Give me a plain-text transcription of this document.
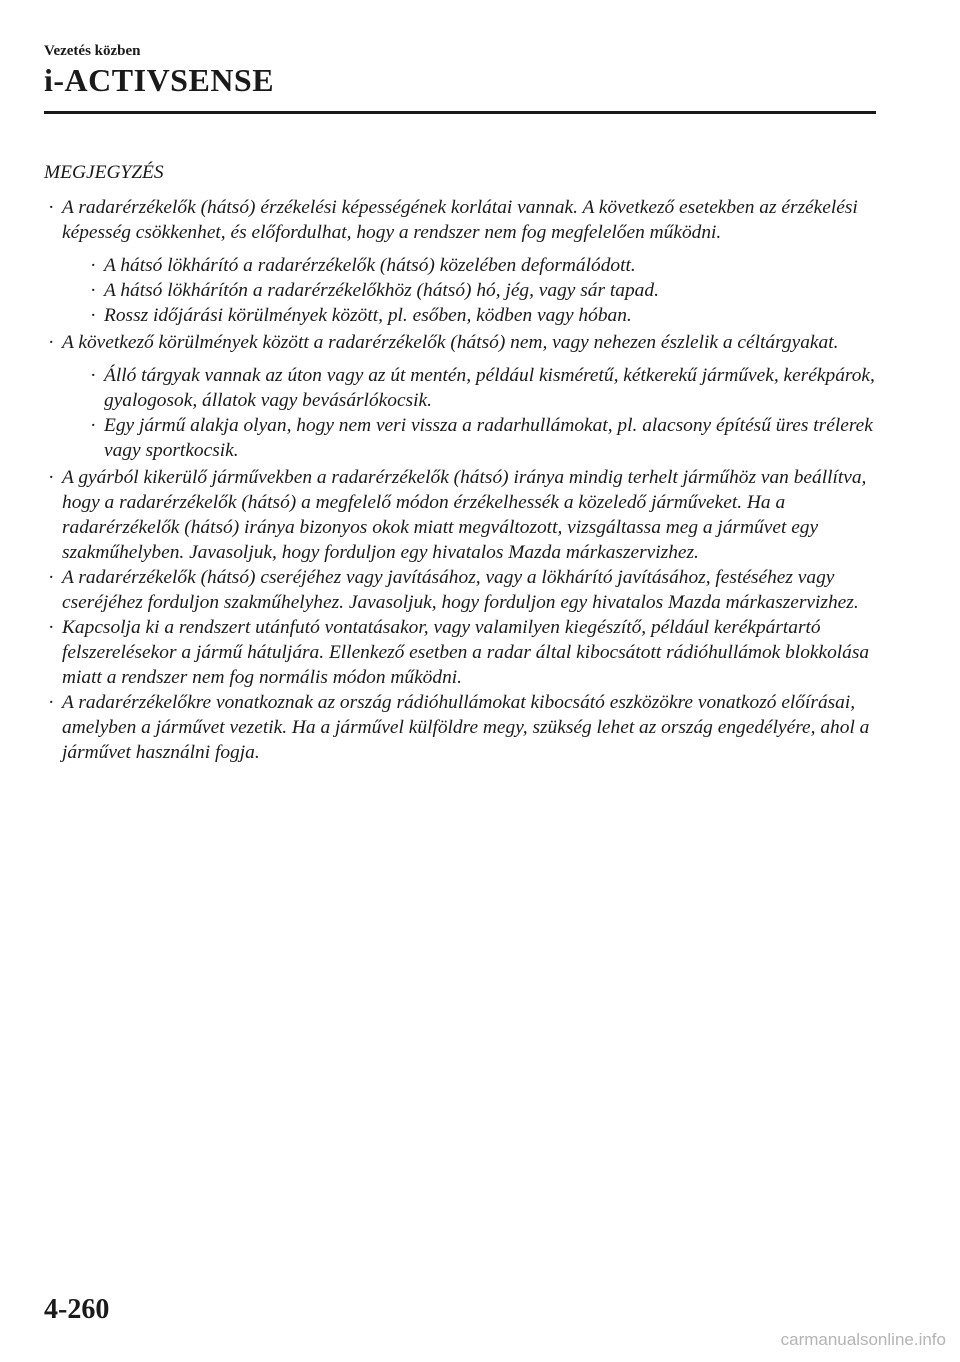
Vezetés közben
i-ACTIVSENSE
MEGJEGYZÉS
· A radarérzékelők (hátsó) érzékelési képességének korlátai vannak. A következő esetekben az érzékelési képesség csökkenhet, és előfordulhat, hogy a rendszer nem fog megfelelően működni.
· A hátsó lökhárító a radarérzékelők (hátsó) közelében deformálódott.
· A hátsó lökhárítón a radarérzékelőkhöz (hátsó) hó, jég, vagy sár tapad.
· Rossz időjárási körülmények között, pl. esőben, ködben vagy hóban.
· A következő körülmények között a radarérzékelők (hátsó) nem, vagy nehezen észlelik a céltárgyakat.
· Álló tárgyak vannak az úton vagy az út mentén, például kisméretű, kétkerekű járművek, kerékpárok, gyalogosok, állatok vagy bevásárlókocsik.
· Egy jármű alakja olyan, hogy nem veri vissza a radarhullámokat, pl. alacsony építésű üres trélerek vagy sportkocsik.
· A gyárból kikerülő járművekben a radarérzékelők (hátsó) iránya mindig terhelt járműhöz van beállítva, hogy a radarérzékelők (hátsó) a megfelelő módon érzékelhessék a közeledő járműveket. Ha a radarérzékelők (hátsó) iránya bizonyos okok miatt megváltozott, vizsgáltassa meg a járművet egy szakműhelyben. Javasoljuk, hogy forduljon egy hivatalos Mazda márkaszervizhez.
· A radarérzékelők (hátsó) cseréjéhez vagy javításához, vagy a lökhárító javításához, festéséhez vagy cseréjéhez forduljon szakműhelyhez. Javasoljuk, hogy forduljon egy hivatalos Mazda márkaszervizhez.
· Kapcsolja ki a rendszert utánfutó vontatásakor, vagy valamilyen kiegészítő, például kerékpártartó felszerelésekor a jármű hátuljára. Ellenkező esetben a radar által kibocsátott rádióhullámok blokkolása miatt a rendszer nem fog normális módon működni.
· A radarérzékelőkre vonatkoznak az ország rádióhullámokat kibocsátó eszközökre vonatkozó előírásai, amelyben a járművet vezetik. Ha a járművel külföldre megy, szükség lehet az ország engedélyére, ahol a járművet használni fogja.
4-260
carmanualsonline.info
